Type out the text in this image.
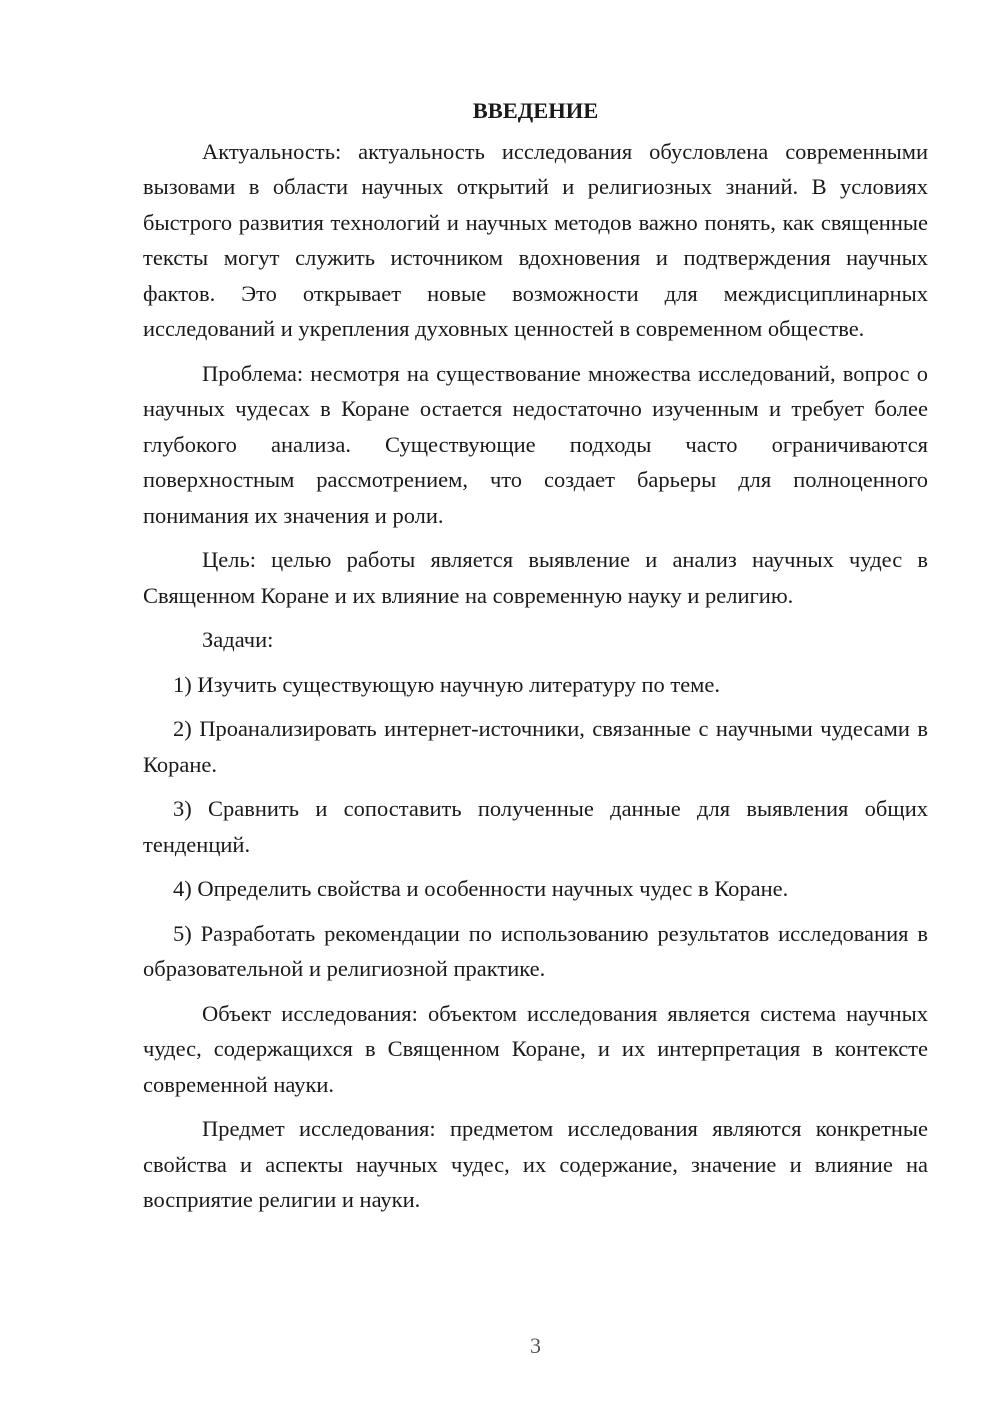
ВВЕДЕНИЕ

Актуальность: актуальность исследования обусловлена современными вызовами в области научных открытий и религиозных знаний. В условиях быстрого развития технологий и научных методов важно понять, как священные тексты могут служить источником вдохновения и подтверждения научных фактов. Это открывает новые возможности для междисциплинарных исследований и укрепления духовных ценностей в современном обществе.

Проблема: несмотря на существование множества исследований, вопрос о научных чудесах в Коране остается недостаточно изученным и требует более глубокого анализа. Существующие подходы часто ограничиваются поверхностным рассмотрением, что создает барьеры для полноценного понимания их значения и роли.

Цель: целью работы является выявление и анализ научных чудес в Священном Коране и их влияние на современную науку и религию.

Задачи:

1) Изучить существующую научную литературу по теме.

2) Проанализировать интернет-источники, связанные с научными чудесами в Коране.

3) Сравнить и сопоставить полученные данные для выявления общих тенденций.

4) Определить свойства и особенности научных чудес в Коране.

5) Разработать рекомендации по использованию результатов исследования в образовательной и религиозной практике.

Объект исследования: объектом исследования является система научных чудес, содержащихся в Священном Коране, и их интерпретация в контексте современной науки.

Предмет исследования: предметом исследования являются конкретные свойства и аспекты научных чудес, их содержание, значение и влияние на восприятие религии и науки.

3
